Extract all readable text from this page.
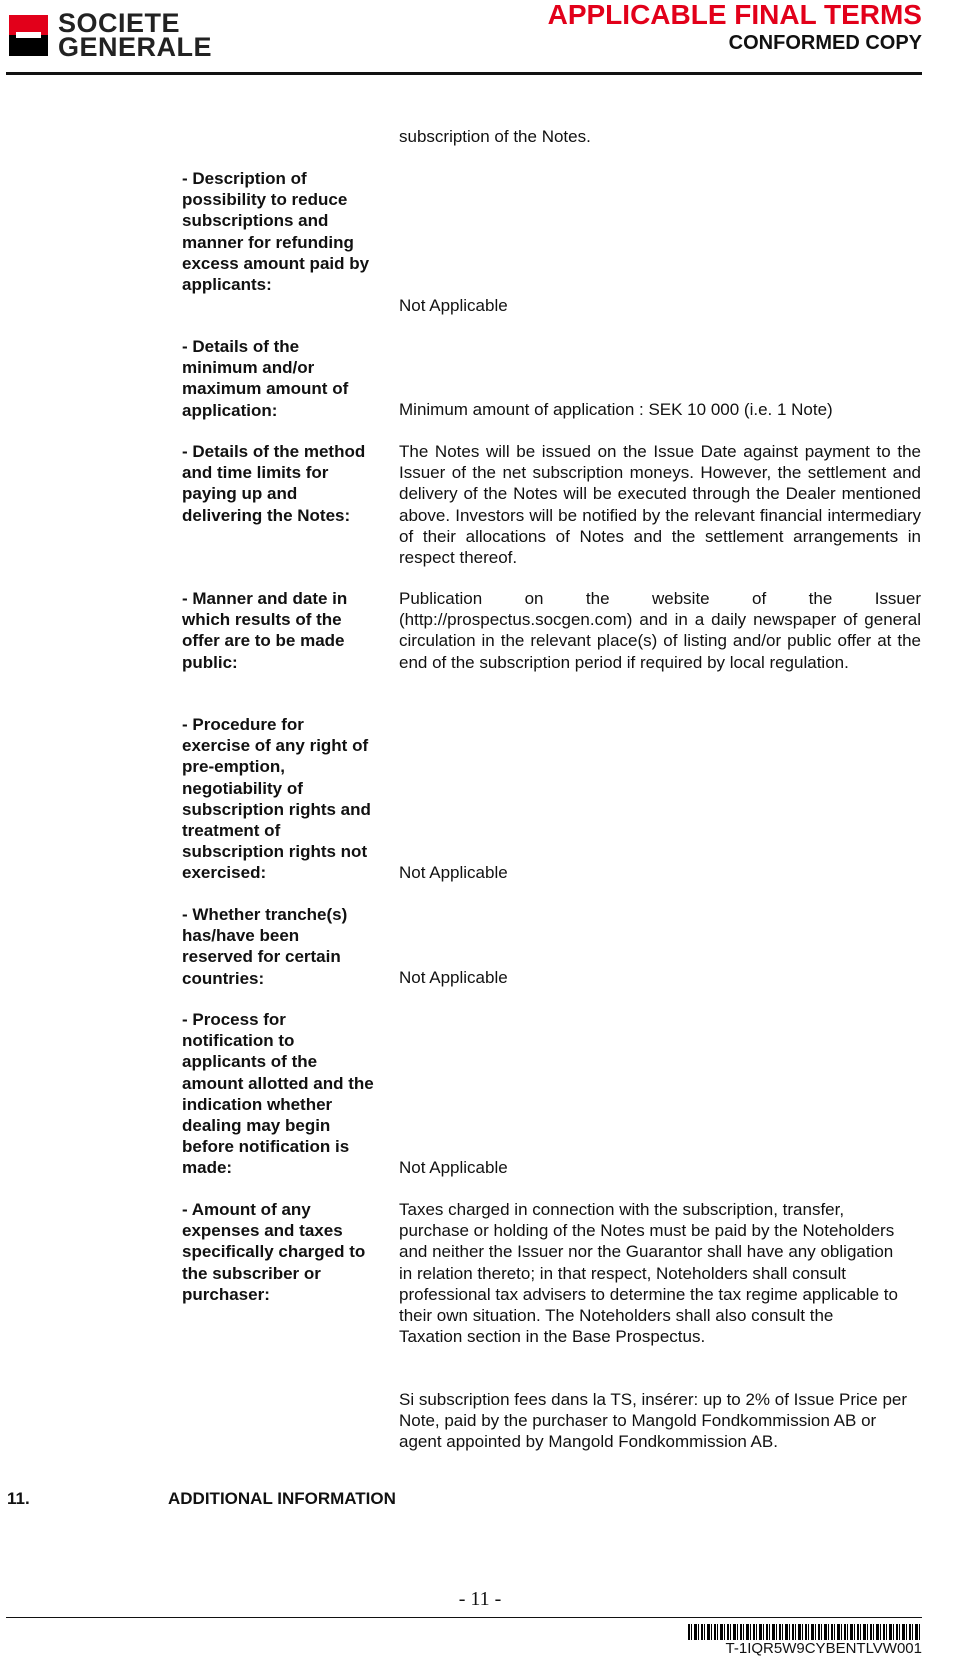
SOCIETE
GENERALE
APPLICABLE FINAL TERMS
CONFORMED COPY
subscription of the Notes.
- Description of possibility to reduce subscriptions and manner for refunding excess amount paid by applicants:
Not Applicable
- Details of the minimum and/or maximum amount of application:	Minimum amount of application : SEK 10 000 (i.e. 1 Note)
- Details of the method and time limits for paying up and delivering the Notes:
The Notes will be issued on the Issue Date against payment to the Issuer of the net subscription moneys. However, the settlement and delivery of the Notes will be executed through the Dealer mentioned above. Investors will be notified by the relevant financial intermediary of their allocations of Notes and the settlement arrangements in respect thereof.
- Manner and date in which results of the offer are to be made public:
Publication on the website of the Issuer (http://prospectus.socgen.com) and in a daily newspaper of general circulation in the relevant place(s) of listing and/or public offer at the end of the subscription period if required by local regulation.
- Procedure for exercise of any right of pre-emption, negotiability of subscription rights and treatment of subscription rights not exercised:	Not Applicable
- Whether tranche(s) has/have been reserved for certain countries:	Not Applicable
- Process for notification to applicants of the amount allotted and the indication whether dealing may begin before notification is made:	Not Applicable
- Amount of any expenses and taxes specifically charged to the subscriber or purchaser:
Taxes charged in connection with the subscription, transfer, purchase or holding of the Notes must be paid by the Noteholders and neither the Issuer nor the Guarantor shall have any obligation in relation thereto; in that respect, Noteholders shall consult professional tax advisers to determine the tax regime applicable to their own situation. The Noteholders shall also consult the Taxation section in the Base Prospectus.
Si subscription fees dans la TS, insérer: up to 2% of Issue Price per Note, paid by the purchaser to Mangold Fondkommission AB or agent appointed by Mangold Fondkommission AB.
11.	ADDITIONAL INFORMATION
- 11 -
T-1IQR5W9CYBENTLVW001
